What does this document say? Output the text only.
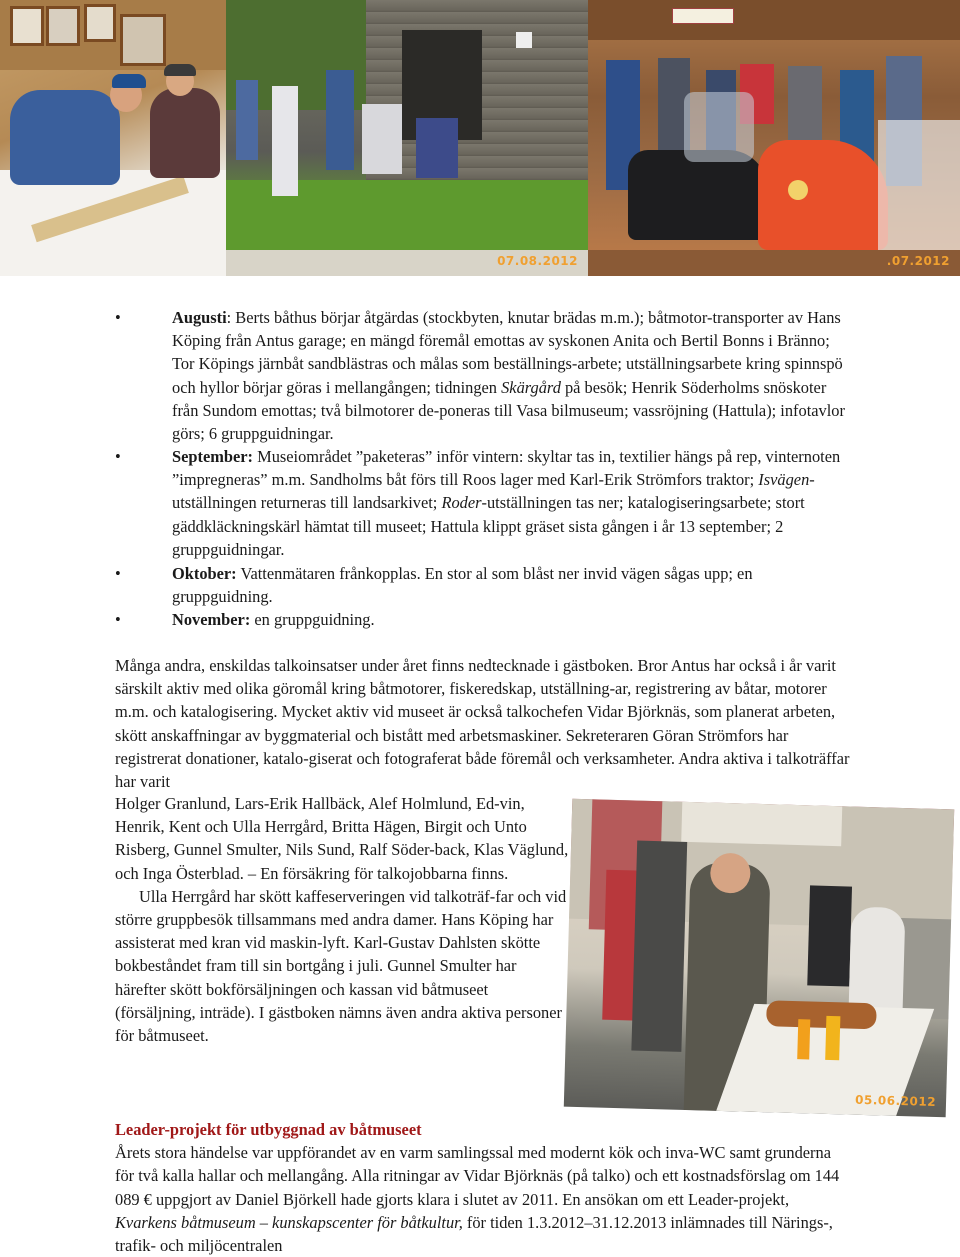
07.08.2012	.07.2012

•	Augusti: Berts båthus börjar åtgärdas (stockbyten, knutar brädas m.m.); båtmotor-transporter av Hans Köping från Antus garage; en mängd föremål emottas av syskonen Anita och Bertil Bonns i Bränno; Tor Köpings järnbåt sandblästras och målas som beställnings-arbete; utställningsarbete kring spinnspö och hyllor börjar göras i mellangången; tidningen Skärgård på besök; Henrik Söderholms snöskoter från Sundom emottas; två bilmotorer de-poneras till Vasa bilmuseum; vassröjning (Hattula); infotavlor görs; 6 gruppguidningar.

•	September: Museiområdet ”paketeras” inför vintern: skyltar tas in, textilier hängs på rep, vinternoten ”impregneras” m.m. Sandholms båt förs till Roos lager med Karl-Erik Strömfors traktor; Isvägen-utställningen returneras till landsarkivet; Roder-utställningen tas ner; katalogiseringsarbete; stort gäddkläckningskärl hämtat till museet; Hattula klippt gräset sista gången i år 13 september; 2 gruppguidningar.

•	Oktober: Vattenmätaren frånkopplas. En stor al som blåst ner invid vägen sågas upp; en gruppguidning.

•	November: en gruppguidning.

Många andra, enskildas talkoinsatser under året finns nedtecknade i gästboken. Bror Antus har också i år varit särskilt aktiv med olika göromål kring båtmotorer, fiskeredskap, utställning-ar, registrering av båtar, motorer m.m. och katalogisering. Mycket aktiv vid museet är också talkochefen Vidar Björknäs, som planerat arbeten, skött anskaffningar av byggmaterial och bistått med arbetsmaskiner. Sekreteraren Göran Strömfors har registrerat donationer, katalo-giserat och fotograferat både föremål och verksamheter. Andra aktiva i talkoträffar har varit

Holger Granlund, Lars-Erik Hallbäck, Alef Holmlund, Ed-vin, Henrik, Kent och Ulla Herrgård, Britta Hägen, Birgit och Unto Risberg, Gunnel Smulter, Nils Sund, Ralf Söder-back, Klas Väglund, och Inga Österblad. – En försäkring för talkojobbarna finns.

Ulla Herrgård har skött kaffeserveringen vid talkoträf-far och vid större gruppbesök tillsammans med andra damer. Hans Köping har assisterat med kran vid maskin-lyft. Karl-Gustav Dahlsten skötte bokbeståndet fram till sin bortgång i juli. Gunnel Smulter har härefter skött bokförsäljningen och kassan vid båtmuseet (försäljning, inträde). I gästboken nämns även andra aktiva personer för båtmuseet.

05.06.2012

Leader-projekt för utbyggnad av båtmuseet

Årets stora händelse var uppförandet av en varm samlingssal med modernt kök och inva-WC samt grunderna för två kalla hallar och mellangång. Alla ritningar av Vidar Björknäs (på talko) och ett kostnadsförslag om 144 089 € uppgjort av Daniel Björkell hade gjorts klara i slutet av 2011. En ansökan om ett Leader-projekt, Kvarkens båtmuseum – kunskapscenter för båtkultur, för tiden 1.3.2012–31.12.2013 inlämnades till Närings-, trafik- och miljöcentralen
